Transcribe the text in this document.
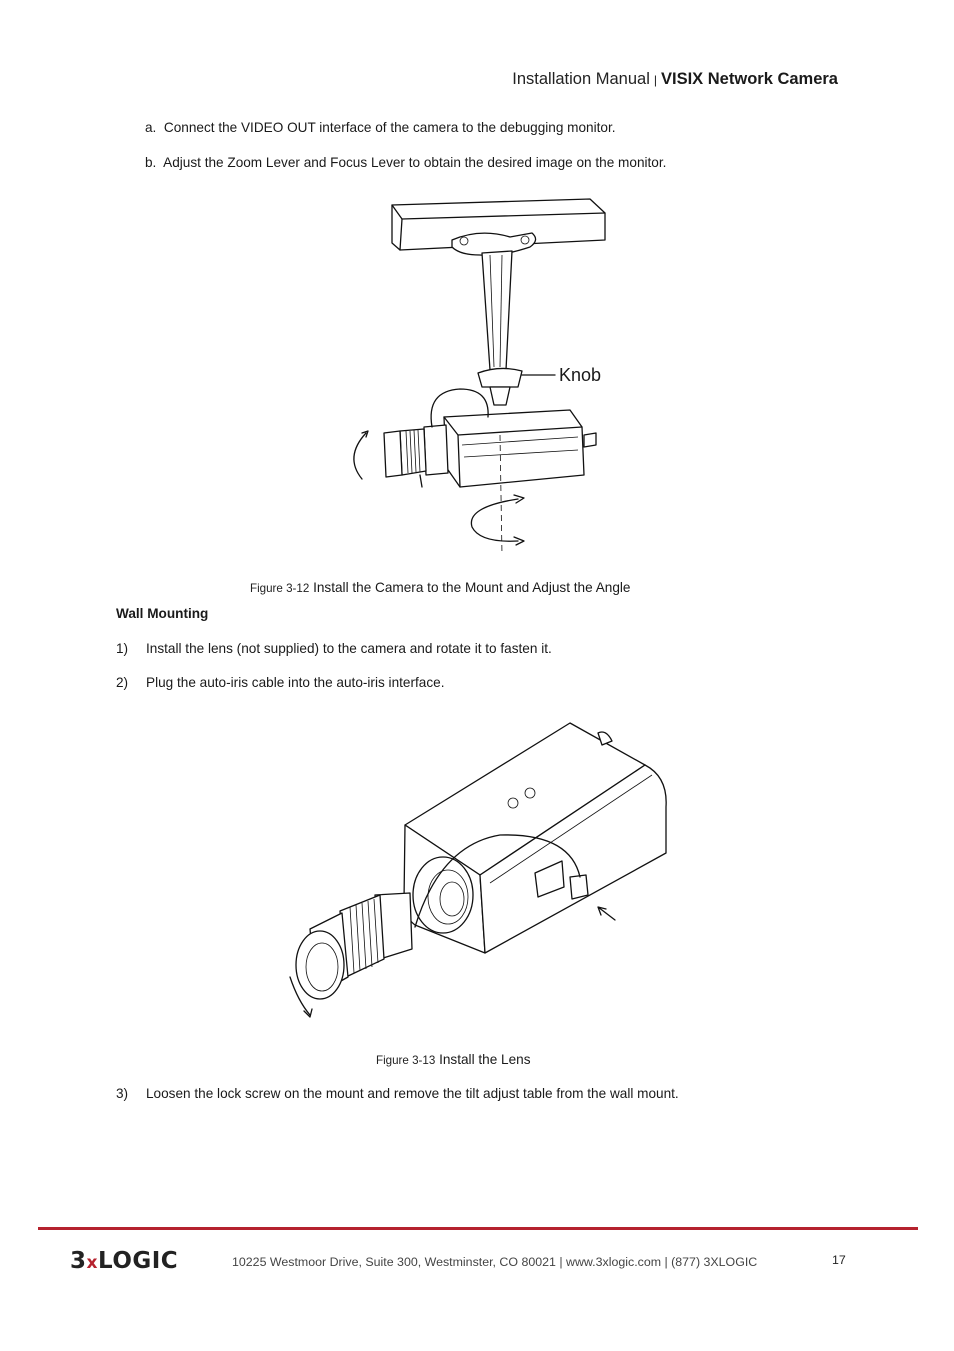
Installation Manual | VISIX Network Camera
a. Connect the VIDEO OUT interface of the camera to the debugging monitor.
b. Adjust the Zoom Lever and Focus Lever to obtain the desired image on the monitor.
Knob
Figure 3-12 Install the Camera to the Mount and Adjust the Angle
Wall Mounting
1) Install the lens (not supplied) to the camera and rotate it to fasten it.
2) Plug the auto-iris cable into the auto-iris interface.
Figure 3-13 Install the Lens
3) Loosen the lock screw on the mount and remove the tilt adjust table from the wall mount.
3xLOGIC	10225 Westmoor Drive, Suite 300, Westminster, CO 80021 | www.3xlogic.com | (877) 3XLOGIC	17
